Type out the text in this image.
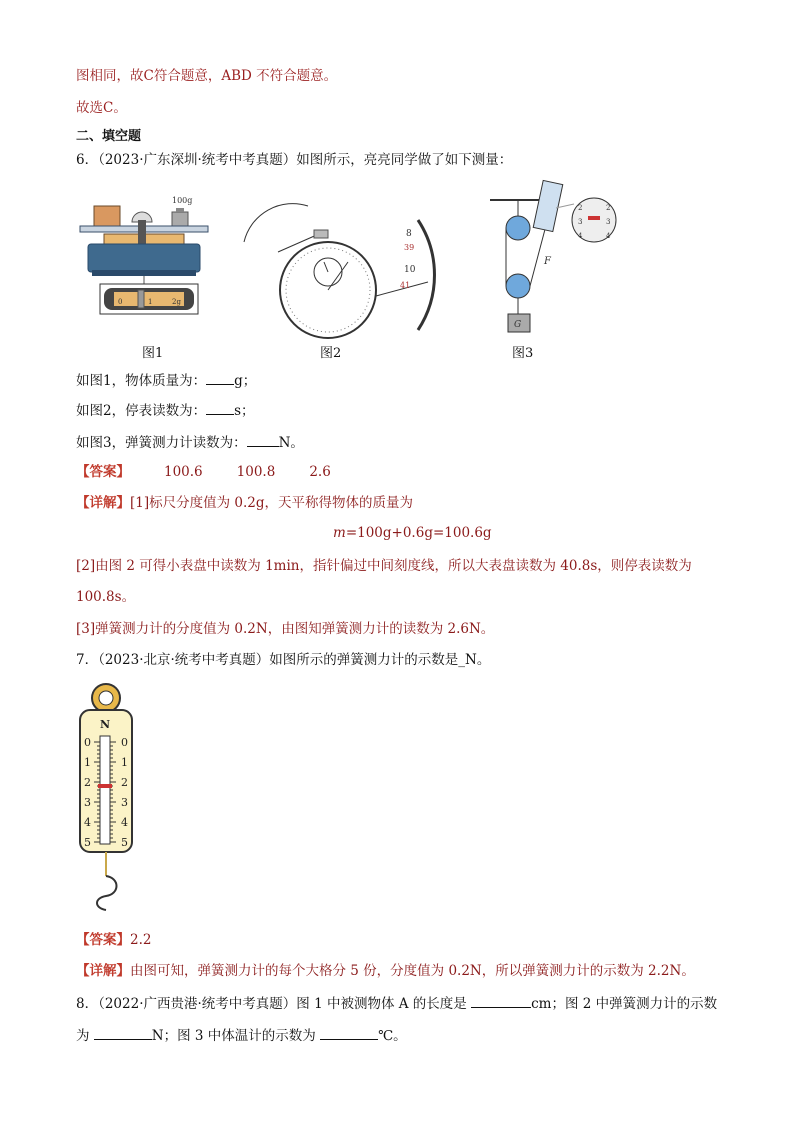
图相同，故C符合题意，ABD 不符合题意。
故选C。
二、填空题
6．（2023·广东深圳·统考中考真题）如图所示，亮亮同学做了如下测量：
100g
0	1	2g
图1
8
39
10
41
图2
G
F
2
3
4
2
3
4
图3
如图1，物体质量为： g；
如图2，停表读数为： s；
如图3，弹簧测力计读数为： N。
【答案】	100.6	100.8	2.6
【详解】[1]标尺分度值为 0.2g，天平称得物体的质量为
m=100g+0.6g=100.6g
[2]由图 2 可得小表盘中读数为 1min，指针偏过中间刻度线，所以大表盘读数为 40.8s，则停表读数为
100.8s。
[3]弹簧测力计的分度值为 0.2N，由图知弹簧测力计的读数为 2.6N。
7．（2023·北京·统考中考真题）如图所示的弹簧测力计的示数是_N。
N
0	0
1	1
2	2
3	3
4	4
5	5
【答案】2.2
【详解】由图可知，弹簧测力计的每个大格分 5 份，分度值为 0.2N，所以弹簧测力计的示数为 2.2N。
8．（2022·广西贵港·统考中考真题）图 1 中被测物体 A 的长度是	cm；图 2 中弹簧测力计的示数
为	N；图 3 中体温计的示数为	℃。
